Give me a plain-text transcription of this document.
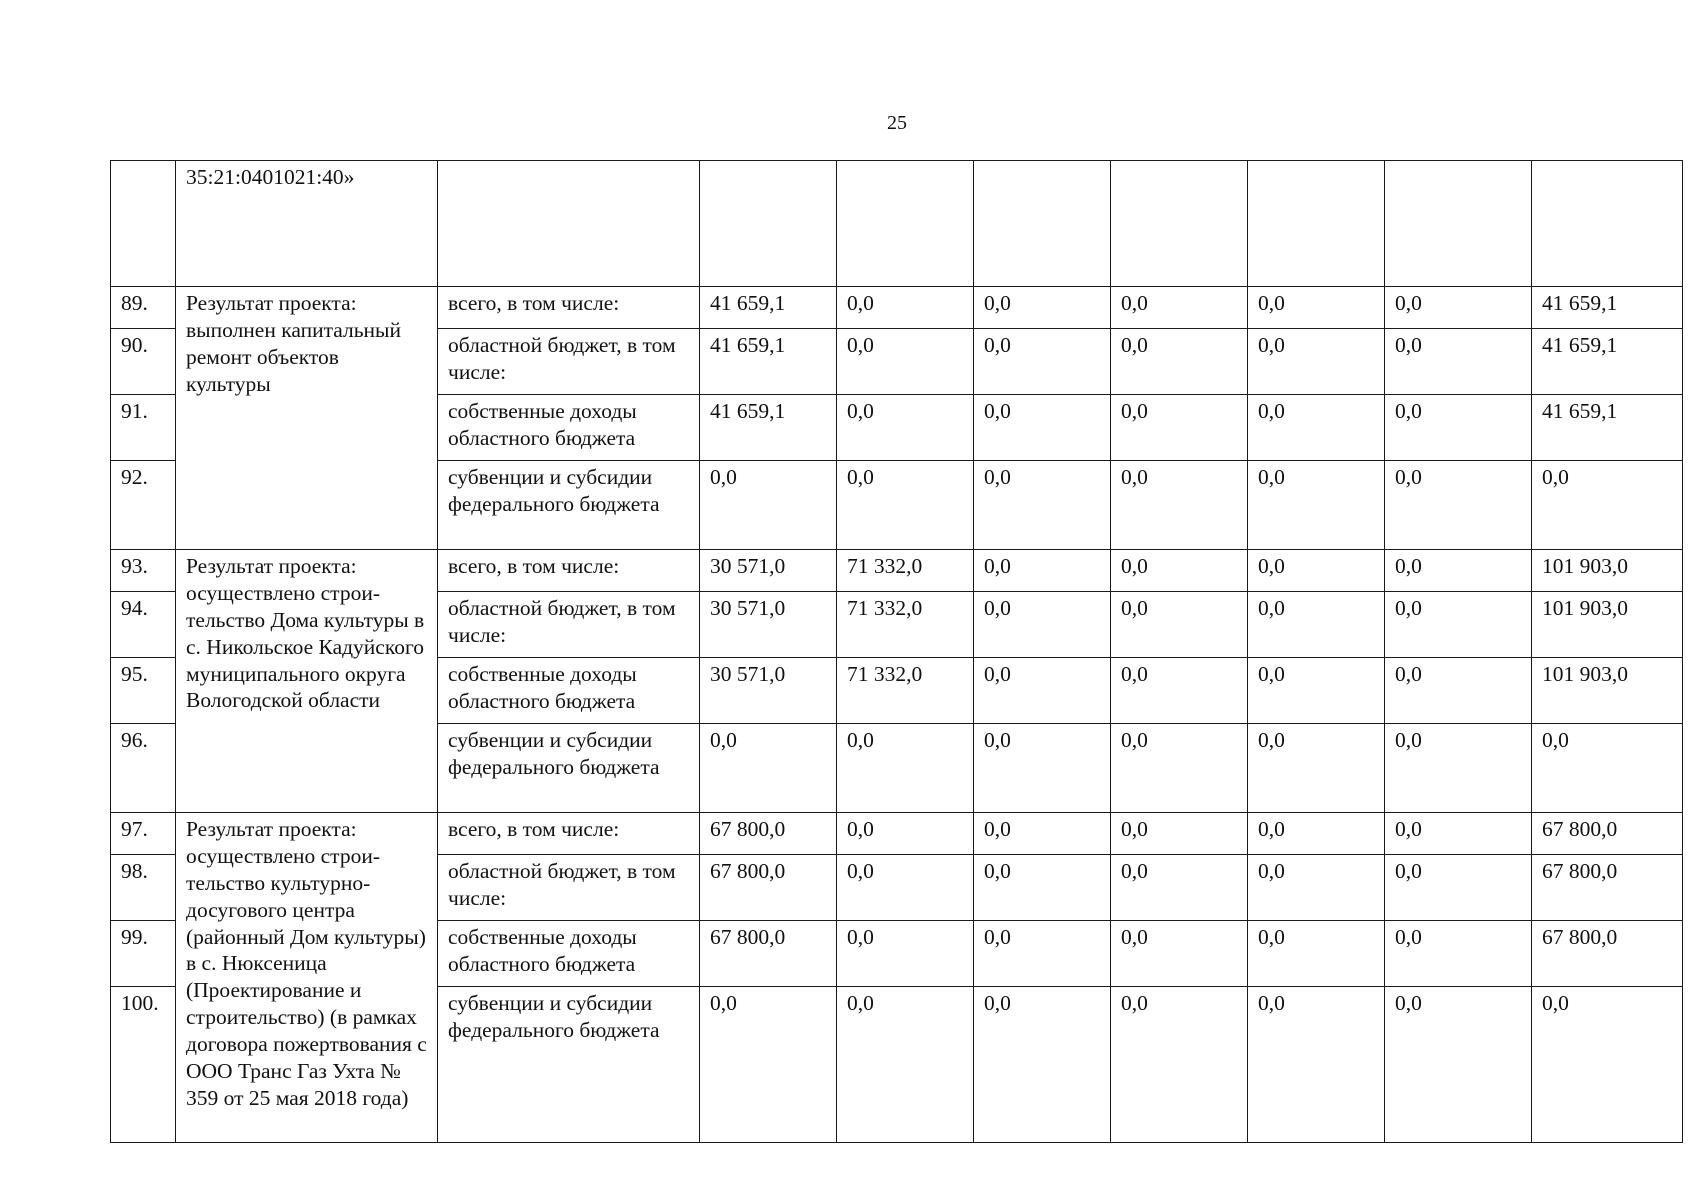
25
	35:21:0401021:40»								
89.	Результат проекта: выполнен капитальный ремонт объектов культуры	всего, в том числе:	41 659,1	0,0	0,0	0,0	0,0	0,0	41 659,1
90.		областной бюджет, в том числе:	41 659,1	0,0	0,0	0,0	0,0	0,0	41 659,1
91.		собственные доходы областного бюджета	41 659,1	0,0	0,0	0,0	0,0	0,0	41 659,1
92.		субвенции и субсидии федерального бюджета	0,0	0,0	0,0	0,0	0,0	0,0	0,0
93.	Результат проекта: осуществлено строительство Дома культуры в с. Никольское Кадуйского муниципального округа Вологодской области	всего, в том числе:	30 571,0	71 332,0	0,0	0,0	0,0	0,0	101 903,0
94.		областной бюджет, в том числе:	30 571,0	71 332,0	0,0	0,0	0,0	0,0	101 903,0
95.		собственные доходы областного бюджета	30 571,0	71 332,0	0,0	0,0	0,0	0,0	101 903,0
96.		субвенции и субсидии федерального бюджета	0,0	0,0	0,0	0,0	0,0	0,0	0,0
97.	Результат проекта: осуществлено строительство культурно-досугового центра (районный Дом культуры) в с. Нюксеница (Проектирование и строительство) (в рамках договора пожертвования с ООО Транс Газ Ухта № 359 от 25 мая 2018 года)	всего, в том числе:	67 800,0	0,0	0,0	0,0	0,0	0,0	67 800,0
98.		областной бюджет, в том числе:	67 800,0	0,0	0,0	0,0	0,0	0,0	67 800,0
99.		собственные доходы областного бюджета	67 800,0	0,0	0,0	0,0	0,0	0,0	67 800,0
100.		субвенции и субсидии федерального бюджета	0,0	0,0	0,0	0,0	0,0	0,0	0,0
